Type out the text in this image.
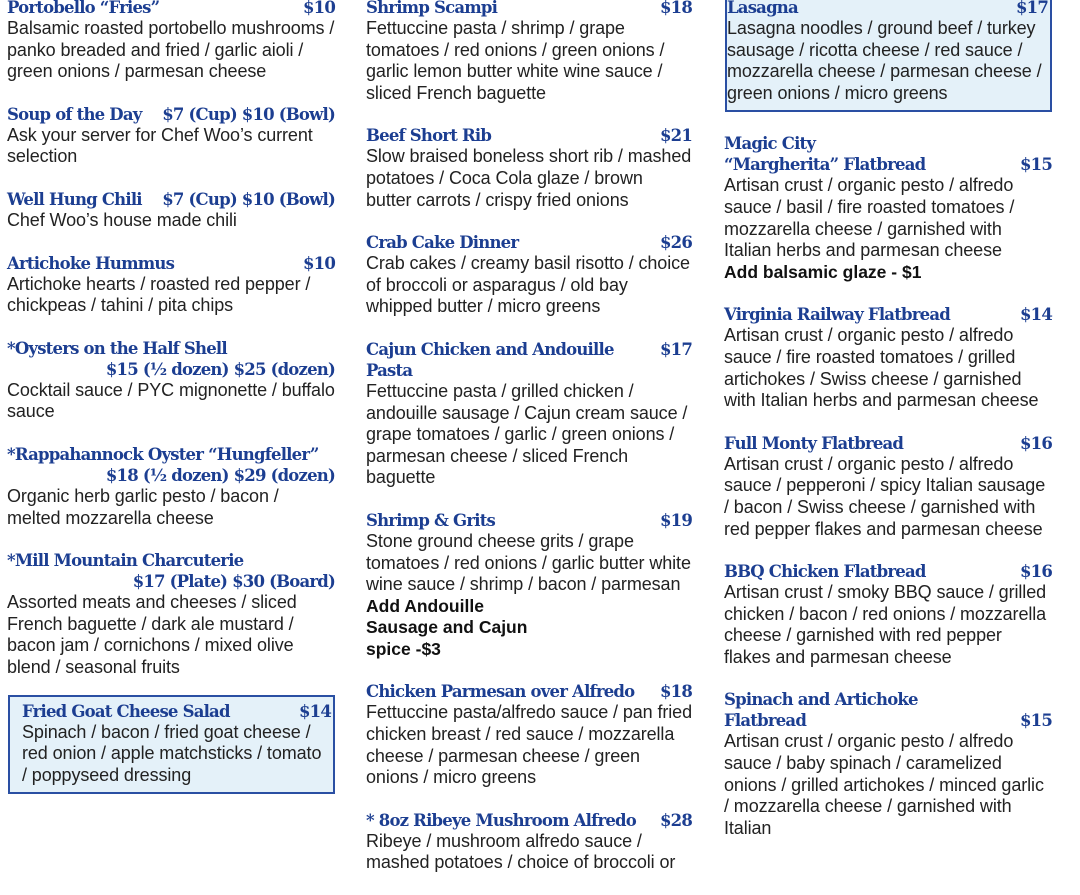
Portobello “Fries”	$10
Balsamic roasted portobello mushrooms / panko breaded and fried / garlic aioli / green onions / parmesan cheese
Soup of the Day $7 (Cup) $10 (Bowl)
Ask your server for Chef Woo’s current selection
Well Hung Chili $7 (Cup) $10 (Bowl)
Chef Woo’s house made chili
Artichoke Hummus	$10
Artichoke hearts / roasted red pepper / chickpeas / tahini / pita chips
*Oysters on the Half Shell
$15 (½ dozen) $25 (dozen)
Cocktail sauce / PYC mignonette / buffalo sauce
*Rappahannock Oyster “Hungfeller”
$18 (½ dozen) $29 (dozen)
Organic herb garlic pesto / bacon / melted mozzarella cheese
*Mill Mountain Charcuterie
$17 (Plate) $30 (Board)
Assorted meats and cheeses / sliced French baguette / dark ale mustard / bacon jam / cornichons / mixed olive blend / seasonal fruits
Fried Goat Cheese Salad	$14
Spinach / bacon / fried goat cheese / red onion / apple matchsticks / tomato / poppyseed dressing
Shrimp Scampi	$18
Fettuccine pasta / shrimp / grape tomatoes / red onions / green onions / garlic lemon butter white wine sauce / sliced French baguette
Beef Short Rib	$21
Slow braised boneless short rib / mashed potatoes / Coca Cola glaze / brown butter carrots / crispy fried onions
Crab Cake Dinner	$26
Crab cakes / creamy basil risotto / choice of broccoli or asparagus / old bay whipped butter / micro greens
Cajun Chicken and Andouille Pasta
$17
Fettuccine pasta / grilled chicken / andouille sausage / Cajun cream sauce / grape tomatoes / garlic / green onions / parmesan cheese / sliced French baguette
Shrimp & Grits	$19
Stone ground cheese grits / grape tomatoes / red onions / garlic butter white wine sauce / shrimp / bacon / parmesan
Add Andouille Sausage and Cajun spice -$3
Chicken Parmesan over Alfredo $18
Fettuccine pasta/alfredo sauce / pan fried chicken breast / red sauce / mozzarella cheese / parmesan cheese / green onions / micro greens
* 8oz Ribeye Mushroom Alfredo $28
Ribeye / mushroom alfredo sauce / mashed potatoes / choice of broccoli or
Lasagna	$17
Lasagna noodles / ground beef / turkey sausage / ricotta cheese / red sauce / mozzarella cheese / parmesan cheese / green onions / micro greens
Magic City
“Margherita” Flatbread	$15
Artisan crust / organic pesto / alfredo sauce / basil / fire roasted tomatoes / mozzarella cheese / garnished with Italian herbs and parmesan cheese
Add balsamic glaze - $1
Virginia Railway Flatbread	$14
Artisan crust / organic pesto / alfredo sauce / fire roasted tomatoes / grilled artichokes / Swiss cheese / garnished with Italian herbs and parmesan cheese
Full Monty Flatbread	$16
Artisan crust / organic pesto / alfredo sauce / pepperoni / spicy Italian sausage / bacon / Swiss cheese / garnished with red pepper flakes and parmesan cheese
BBQ Chicken Flatbread	$16
Artisan crust / smoky BBQ sauce / grilled chicken / bacon / red onions / mozzarella cheese / garnished with red pepper flakes and parmesan cheese
Spinach and Artichoke
Flatbread	$15
Artisan crust / organic pesto / alfredo sauce / baby spinach / caramelized onions / grilled artichokes / minced garlic / mozzarella cheese / garnished with Italian
